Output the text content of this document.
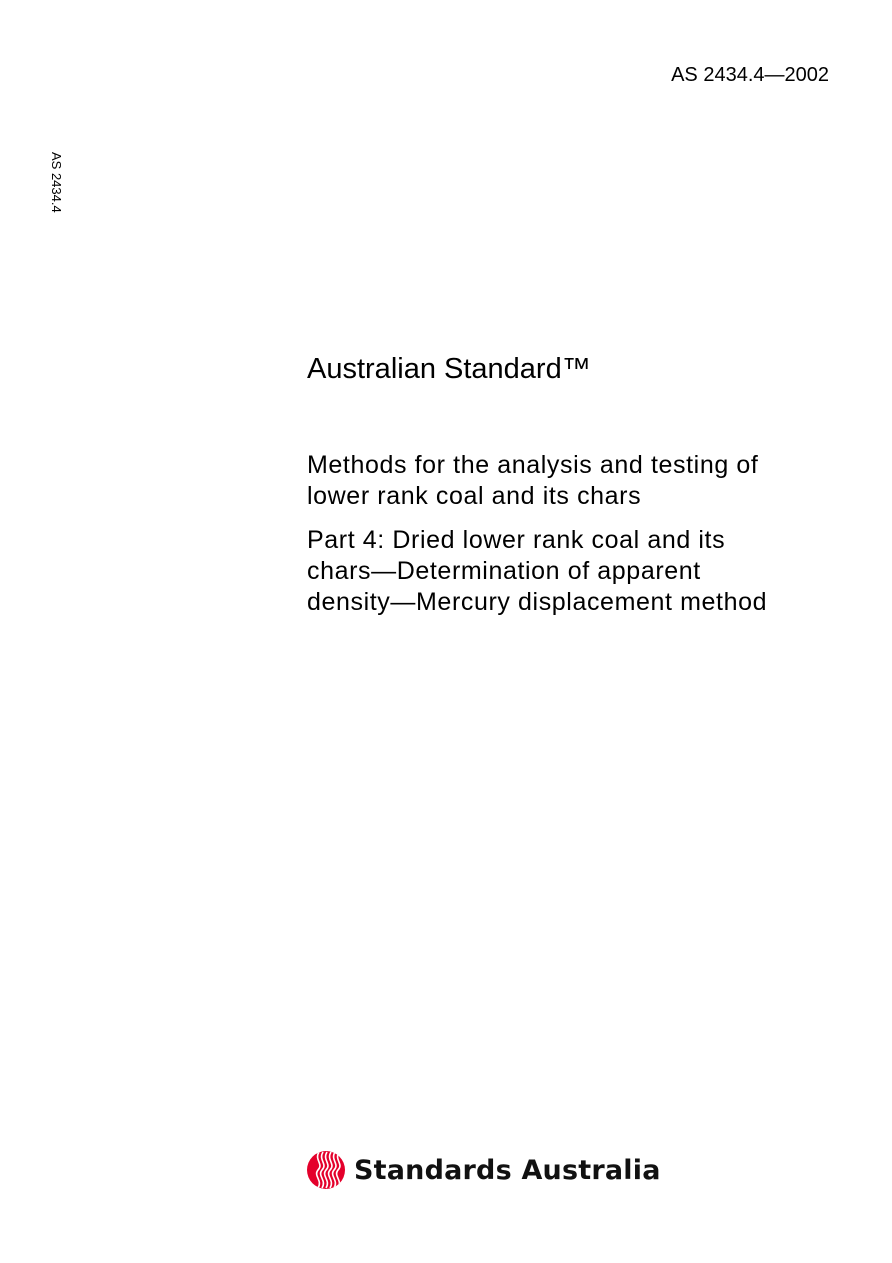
AS 2434.4—2002
AS 2434.4
Australian Standard™
Methods for the analysis and testing of
lower rank coal and its chars
Part 4: Dried lower rank coal and its
chars—Determination of apparent
density—Mercury displacement method
Standards Australia
